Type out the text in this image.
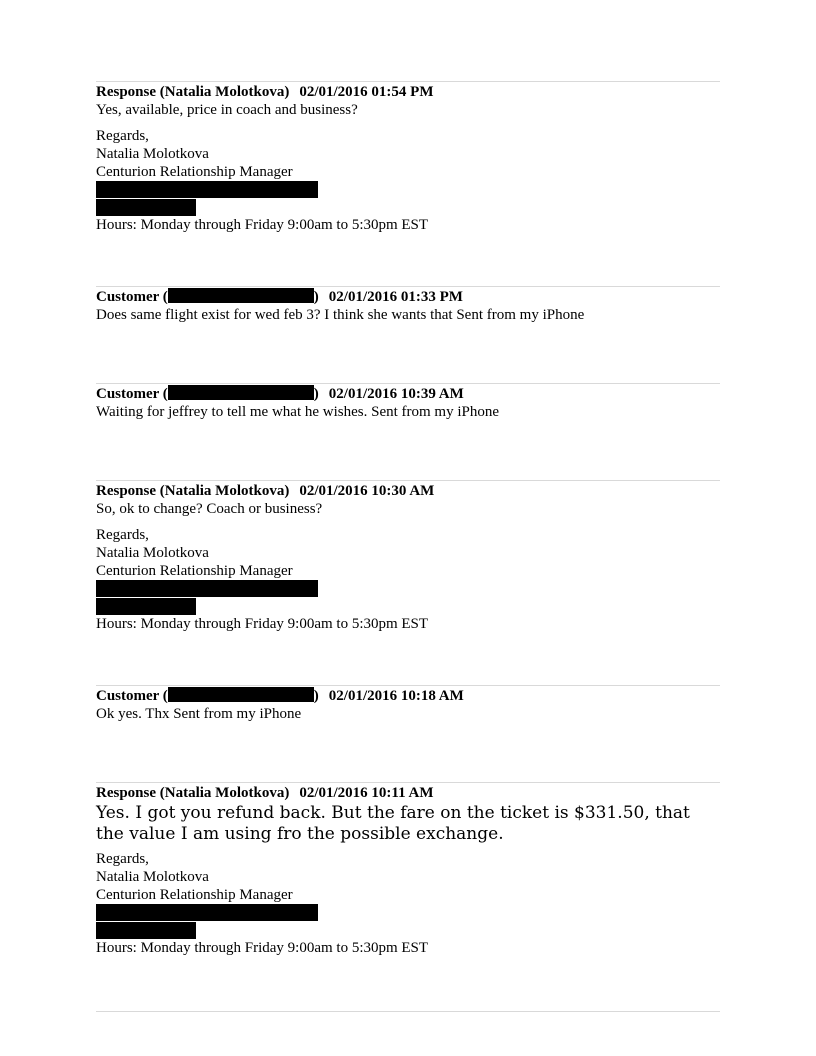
Response (Natalia Molotkova) 02/01/2016 01:54 PM
Yes, available, price in coach and business?
Regards,
Natalia Molotkova
Centurion Relationship Manager
Hours: Monday through Friday 9:00am to 5:30pm EST
Customer (	) 02/01/2016 01:33 PM
Does same flight exist for wed feb 3? I think she wants that Sent from my iPhone
Customer (	) 02/01/2016 10:39 AM
Waiting for jeffrey to tell me what he wishes. Sent from my iPhone
Response (Natalia Molotkova) 02/01/2016 10:30 AM
So, ok to change? Coach or business?
Regards,
Natalia Molotkova
Centurion Relationship Manager
Hours: Monday through Friday 9:00am to 5:30pm EST
Customer (	) 02/01/2016 10:18 AM
Ok yes. Thx Sent from my iPhone
Response (Natalia Molotkova) 02/01/2016 10:11 AM
Yes. I got you refund back. But the fare on the ticket is $331.50, that the value I am using fro the possible exchange.
Regards,
Natalia Molotkova
Centurion Relationship Manager
Hours: Monday through Friday 9:00am to 5:30pm EST
